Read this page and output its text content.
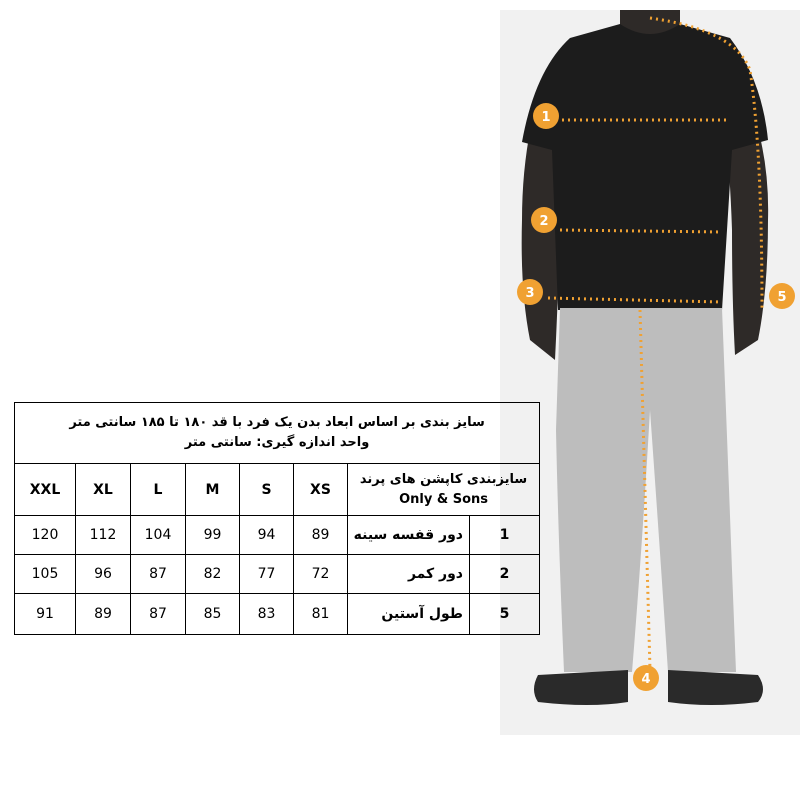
1
2
3
4
5
سایز بندی بر اساس ابعاد بدن یک فرد با قد ۱۸۰ تا ۱۸۵ سانتی متر
واحد اندازه گیری: سانتی متر							

XXL	XL	L	M	S	XS	سایزبندی کاپشن های پرند
Only & Sons	

120	112	104	99	94	89	دور قفسه سینه	1
105	96	87	82	77	72	دور کمر	2
91	89	87	85	83	81	طول آستین	5
